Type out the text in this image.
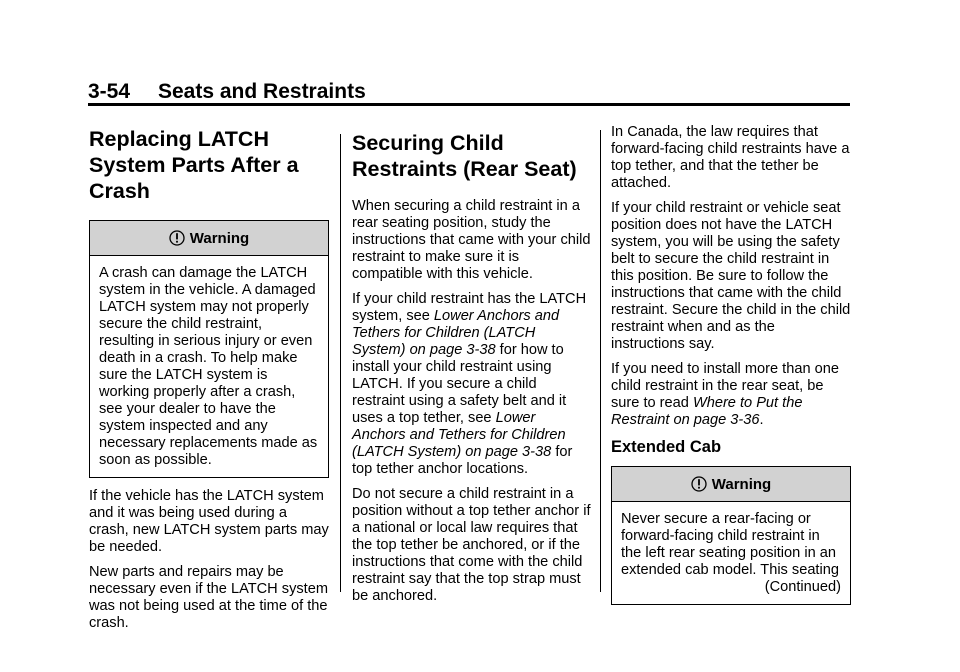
3-54 Seats and Restraints
Replacing LATCH System Parts After a Crash
Warning
A crash can damage the LATCH system in the vehicle. A damaged LATCH system may not properly secure the child restraint, resulting in serious injury or even death in a crash. To help make sure the LATCH system is working properly after a crash, see your dealer to have the system inspected and any necessary replacements made as soon as possible.

If the vehicle has the LATCH system and it was being used during a crash, new LATCH system parts may be needed.

New parts and repairs may be necessary even if the LATCH system was not being used at the time of the crash.

Securing Child Restraints (Rear Seat)

When securing a child restraint in a rear seating position, study the instructions that came with your child restraint to make sure it is compatible with this vehicle.

If your child restraint has the LATCH system, see Lower Anchors and Tethers for Children (LATCH System) on page 3-38 for how to install your child restraint using LATCH. If you secure a child restraint using a safety belt and it uses a top tether, see Lower Anchors and Tethers for Children (LATCH System) on page 3-38 for top tether anchor locations.

Do not secure a child restraint in a position without a top tether anchor if a national or local law requires that the top tether be anchored, or if the instructions that come with the child restraint say that the top strap must be anchored.

In Canada, the law requires that forward-facing child restraints have a top tether, and that the tether be attached.

If your child restraint or vehicle seat position does not have the LATCH system, you will be using the safety belt to secure the child restraint in this position. Be sure to follow the instructions that came with the child restraint. Secure the child in the child restraint when and as the instructions say.

If you need to install more than one child restraint in the rear seat, be sure to read Where to Put the Restraint on page 3-36.

Extended Cab
Warning
Never secure a rear-facing or forward-facing child restraint in the left rear seating position in an extended cab model. This seating
(Continued)
